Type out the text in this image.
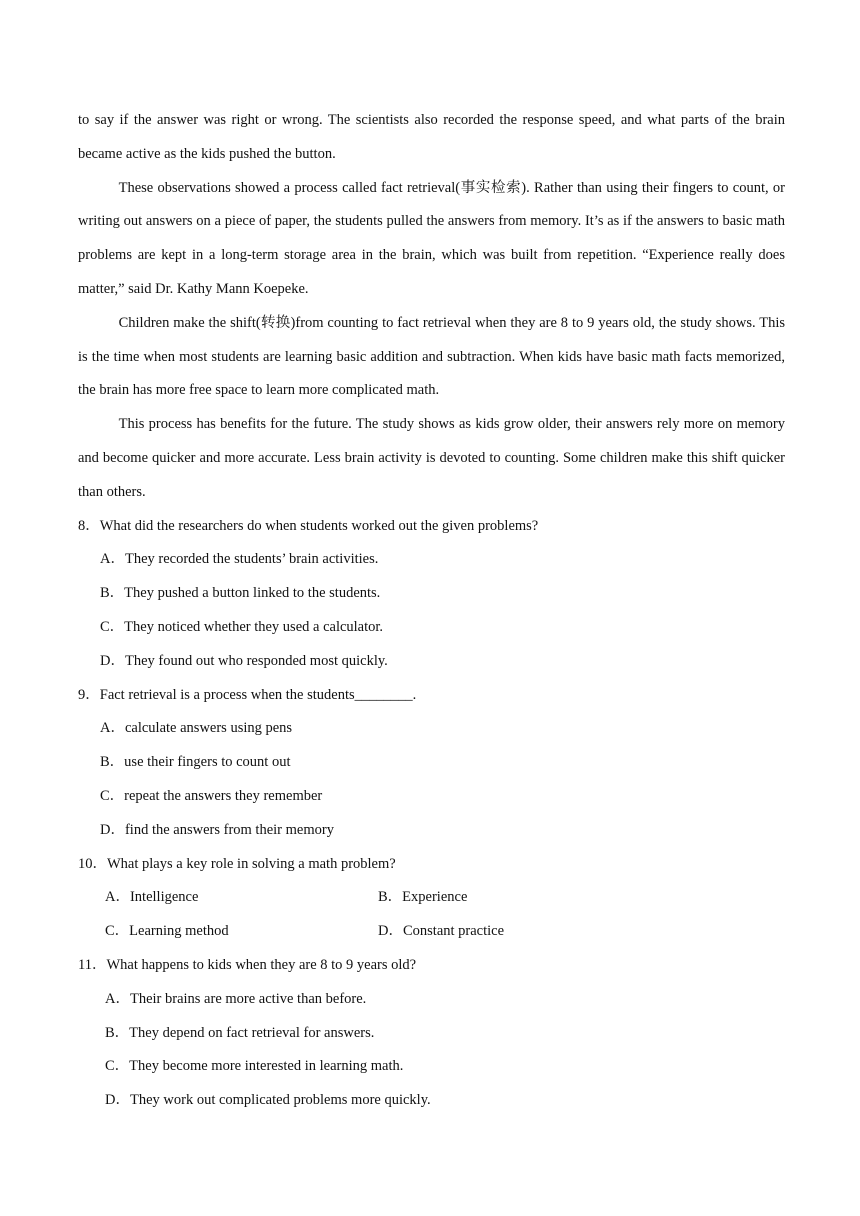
to say if the answer was right or wrong. The scientists also recorded the response speed, and what parts of the brain became active as the kids pushed the button.
These observations showed a process called fact retrieval(事实检索). Rather than using their fingers to count, or writing out answers on a piece of paper, the students pulled the answers from memory. It’s as if the answers to basic math problems are kept in a long-term storage area in the brain, which was built from repetition. “Experience really does matter,” said Dr. Kathy Mann Koepeke.
Children make the shift(转换)from counting to fact retrieval when they are 8 to 9 years old, the study shows. This is the time when most students are learning basic addition and subtraction. When kids have basic math facts memorized, the brain has more free space to learn more complicated math.
This process has benefits for the future. The study shows as kids grow older, their answers rely more on memory and become quicker and more accurate. Less brain activity is devoted to counting. Some children make this shift quicker than others.
8．What did the researchers do when students worked out the given problems?
A．They recorded the students’ brain activities.
B．They pushed a button linked to the students.
C．They noticed whether they used a calculator.
D．They found out who responded most quickly.
9．Fact retrieval is a process when the students________.
A．calculate answers using pens
B．use their fingers to count out
C．repeat the answers they remember
D．find the answers from their memory
10．What plays a key role in solving a math problem?
A．Intelligence	B．Experience
C．Learning method	D．Constant practice
11．What happens to kids when they are 8 to 9 years old?
A．Their brains are more active than before.
B．They depend on fact retrieval for answers.
C．They become more interested in learning math.
D．They work out complicated problems more quickly.
